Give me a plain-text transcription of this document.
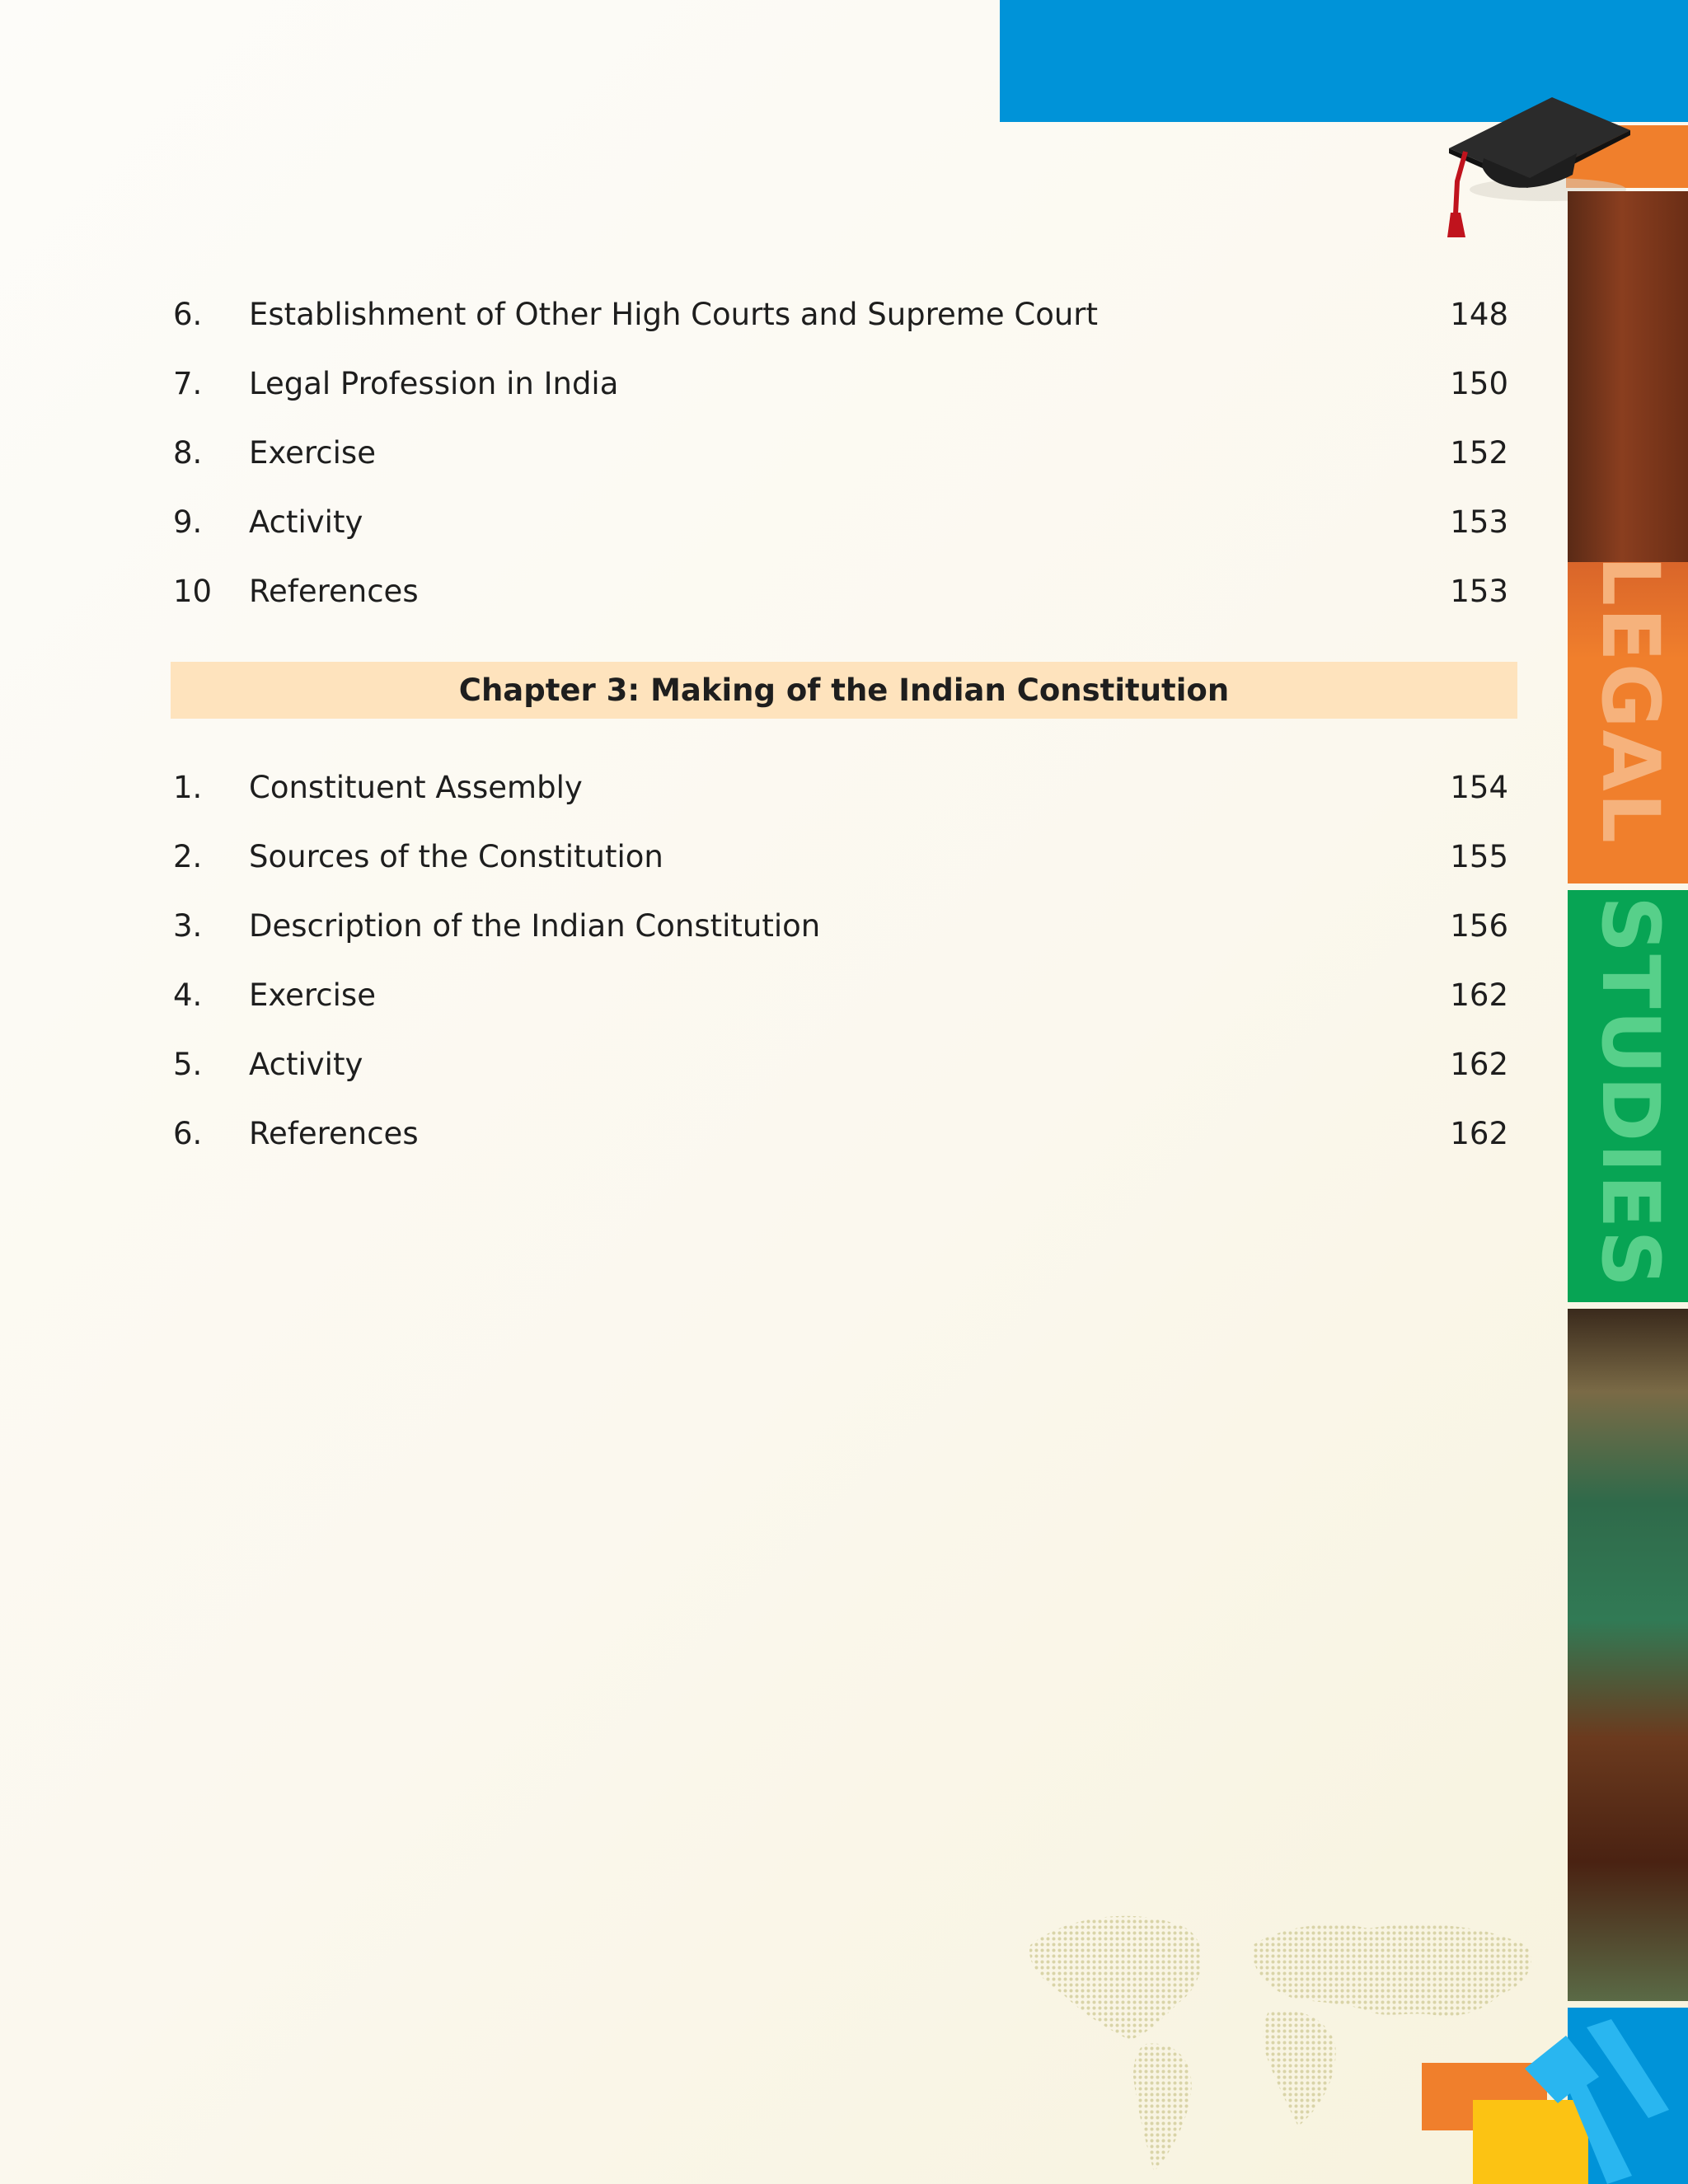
LEGAL
STUDIES
6. Establishment of Other High Courts and Supreme Court	148
7. Legal Profession in India	150
8. Exercise	152
9. Activity	153
10 References	153
Chapter 3: Making of the Indian Constitution
1. Constituent Assembly	154
2. Sources of the Constitution	155
3. Description of the Indian Constitution	156
4. Exercise	162
5. Activity	162
6. References	162
